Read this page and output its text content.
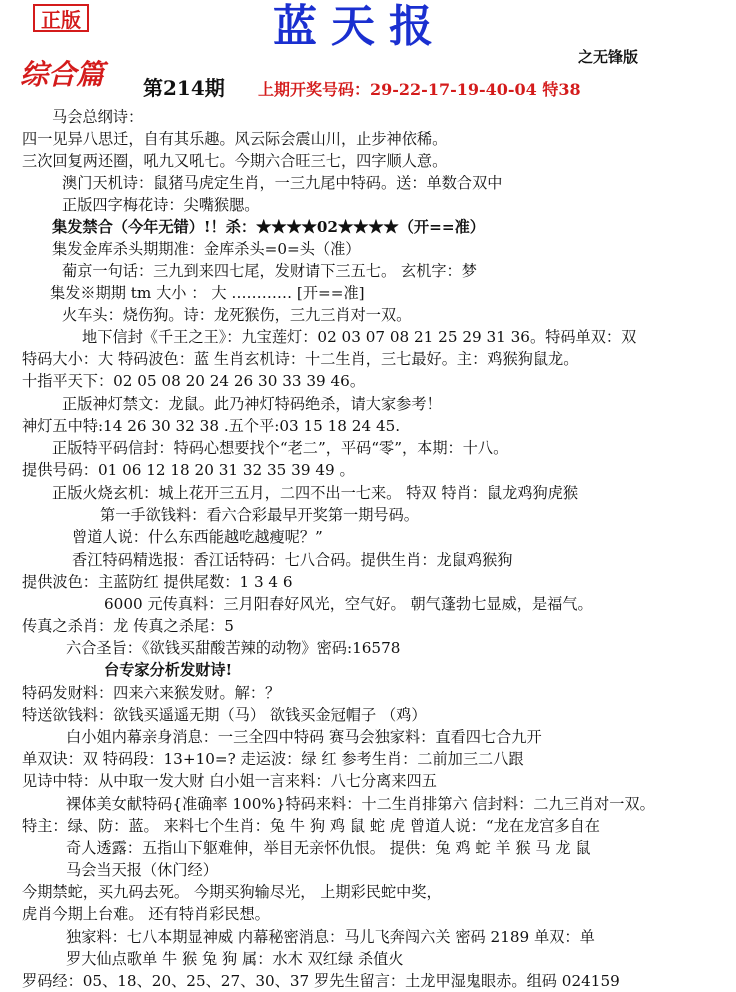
正版	蓝天报
之无锋版
综合篇 第214期 上期开奖号码：29-22-17-19-40-04 特38
马会总纲诗：
四一见异八思迁，自有其乐趣。风云际会震山川，止步神依稀。
三次回复两还圈，吼九又吼七。今期六合旺三七，四字顺人意。
澳门天机诗：鼠猪马虎定生肖，一三九尾中特码。送：单数合双中
正版四字梅花诗：尖嘴猴腮。
集发禁合（今年无错）!！杀：★★★★02★★★★（开==准）
集发金库杀头期期准：金库杀头=0=头（准）
葡京一句话：三九到来四七尾，发财请下三五七。 玄机字：梦
集发※期期 tm 大小 ： 大 ………… [开==准]
火车头：烧伤狗。诗：龙死猴伤，三九三肖对一双。
地下信封《千王之王》：九宝莲灯：02 03 07 08 21 25 29 31 36。特码单双：双
特码大小：大 特码波色：蓝 生肖玄机诗：十二生肖，三七最好。主：鸡猴狗鼠龙。
十指平天下：02 05 08 20 24 26 30 33 39 46。
正版神灯禁文：龙鼠。此乃神灯特码绝杀，请大家参考！
神灯五中特:14 26 30 32 38 .五个平:03 15 18 24 45.
正版特平码信封：特码心想要找个“老二”，平码“零”，本期：十八。
提供号码：01 06 12 18 20 31 32 35 39 49 。
正版火烧玄机：城上花开三五月，二四不出一七来。 特双 特肖：鼠龙鸡狗虎猴
第一手欲钱料：看六合彩最早开奖第一期号码。
曾道人说：什么东西能越吃越瘦呢？”
香江特码精选报：香江话特码：七八合码。提供生肖：龙鼠鸡猴狗
提供波色：主蓝防红 提供尾数：1 3 4 6
6000 元传真料：三月阳春好风光，空气好。 朝气蓬勃七显威，是福气。
传真之杀肖：龙 传真之杀尾：5
六合圣旨：《欲钱买甜酸苦辣的动物》密码:16578
台专家分析发财诗!
特码发财料：四来六来猴发财。解：？
特送欲钱料：欲钱买遥遥无期（马） 欲钱买金冠帽子 （鸡）
白小姐内幕亲身消息：一三全四中特码 赛马会独家料：直看四七合九开
单双诀：双 特码段：13+10=? 走运波：绿 红 参考生肖：二前加三二八跟
见诗中特：从中取一发大财 白小姐一言来料：八七分离来四五
裸体美女献特码{准确率 100%}特码来料：十二生肖排第六 信封料：二九三肖对一双。
特主：绿、防：蓝。 来料七个生肖：兔 牛 狗 鸡 鼠 蛇 虎 曾道人说：“龙在龙宫多自在
奇人透露：五指山下躯难伸，举目无亲怀仇恨。 提供：兔 鸡 蛇 羊 猴 马 龙 鼠
马会当天报（休门经）
今期禁蛇，买九码去死。 今期买狗输尽光， 上期彩民蛇中奖，
虎肖今期上台难。 还有特肖彩民想。
独家料：七八本期显神威 内幕秘密消息：马儿飞奔闯六关 密码 2189 单双：单
罗大仙点歌单 牛 猴 兔 狗 属：水木 双红绿 杀值火
罗码经：05、18、20、25、27、30、37 罗先生留言：土龙甲湿鬼眼赤。组码 024159
